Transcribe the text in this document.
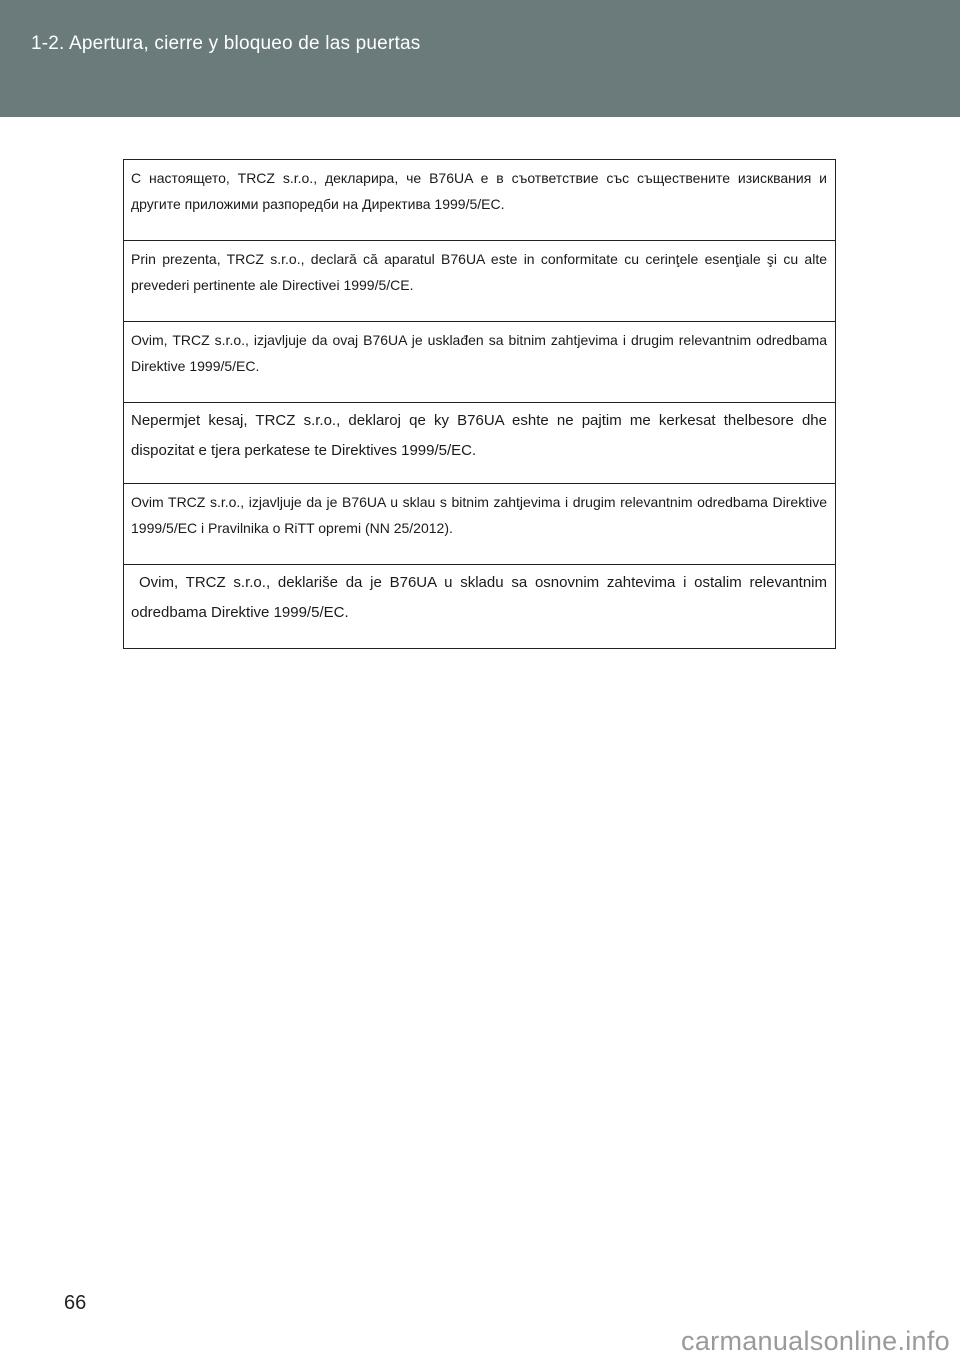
1-2. Apertura, cierre y bloqueo de las puertas
С настоящето, TRCZ s.r.o., декларира, че B76UA е в съответствие със съществените изисквания и другите приложими разпоредби на Директива 1999/5/EC.
Prin prezenta, TRCZ s.r.o., declară că aparatul B76UA este in conformitate cu cerinţele esenţiale şi cu alte prevederi pertinente ale Directivei 1999/5/CE.
Ovim, TRCZ s.r.o., izjavljuje da ovaj B76UA je usklađen sa bitnim zahtjevima i drugim relevantnim odredbama Direktive 1999/5/EC.
Nepermjet kesaj, TRCZ s.r.o., deklaroj qe ky B76UA eshte ne pajtim me kerkesat thelbesore dhe dispozitat e tjera perkatese te Direktives 1999/5/EC.
Ovim TRCZ s.r.o., izjavljuje da je B76UA u sklau s bitnim zahtjevima i drugim relevantnim odredbama Direktive 1999/5/EC i Pravilnika o RiTT opremi (NN 25/2012).
Ovim, TRCZ s.r.o., deklariše da je B76UA u skladu sa osnovnim zahtevima i ostalim relevantnim odredbama Direktive 1999/5/EC.
66
carmanualsonline.info
